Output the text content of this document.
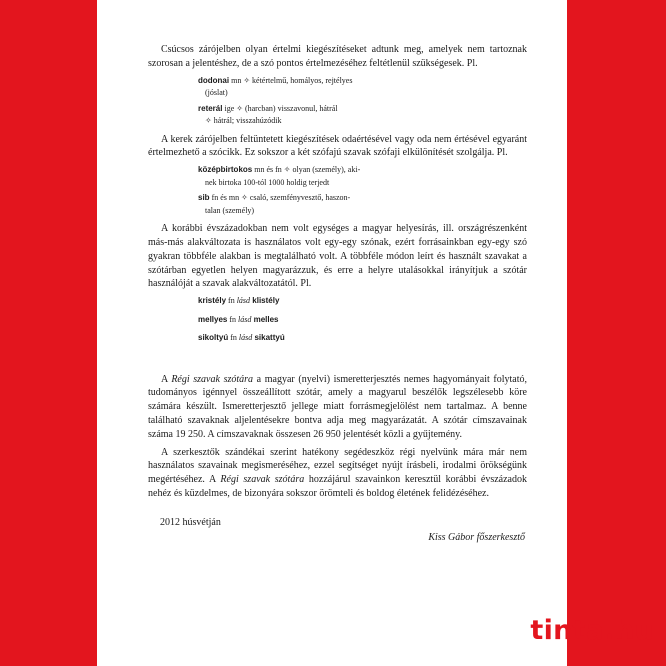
Csúcsos zárójelben olyan értelmi kiegészítéseket adtunk meg, amelyek nem tartoznak szorosan a jelentéshez, de a szó pontos értelmezéséhez feltétlenül szükségesek. Pl.

dodonai mn ✧ kétértelmű, homályos, rejtélyes
(jóslat)
reterál ige ✧ (harcban) visszavonul, hátrál
✧ hátrál; visszahúzódik

A kerek zárójelben feltüntetett kiegészítések odaértésével vagy oda nem értésével egyaránt értelmezhető a szócikk. Ez sokszor a két szófajú szavak szófaji elkülönítését szolgálja. Pl.

középbirtokos mn és fn ✧ olyan (személy), aki-
nek birtoka 100-tól 1000 holdig terjedt
sib fn és mn ✧ csaló, szemfényvesztő, haszon-
talan (személy)

A korábbi évszázadokban nem volt egységes a magyar helyesírás, ill. országrészenként más-más alakváltozata is használatos volt egy-egy szónak, ezért forrásainkban egy-egy szó gyakran többféle alakban is megtalálható volt. A többféle módon leírt és használt szavakat a szótárban egyetlen helyen magyarázzuk, és erre a helyre utalásokkal irányítjuk a szótár használóját a szavak alakváltozatától. Pl.

kristély fn lásd klistély
mellyes fn lásd melles
sikoltyú fn lásd sikattyú

A Régi szavak szótára a magyar (nyelvi) ismeretterjesztés nemes hagyományait folytató, tudományos igénnyel összeállított szótár, amely a magyarul beszélők legszélesebb köre számára készült. Ismeretterjesztő jellege miatt forrásmegjelölést nem tartalmaz. A benne található szavaknak aljelentésekre bontva adja meg magyarázatát. A szótár címszavainak száma 19 250. A címszavaknak összesen 26 950 jelentését közli a gyűjtemény.

A szerkesztők szándékai szerint hatékony segédeszköz régi nyelvünk mára már nem használatos szavainak megismeréséhez, ezzel segítséget nyújt írásbeli, irodalmi örökségünk megértéséhez. A Régi szavak szótára hozzájárul szavainkon keresztül korábbi évszázadok nehéz és küzdelmes, de bizonyára sokszor örömteli és boldog életének felidézéséhez.

2012 húsvétján
Kiss Gábor főszerkesztő
tinta.hu
